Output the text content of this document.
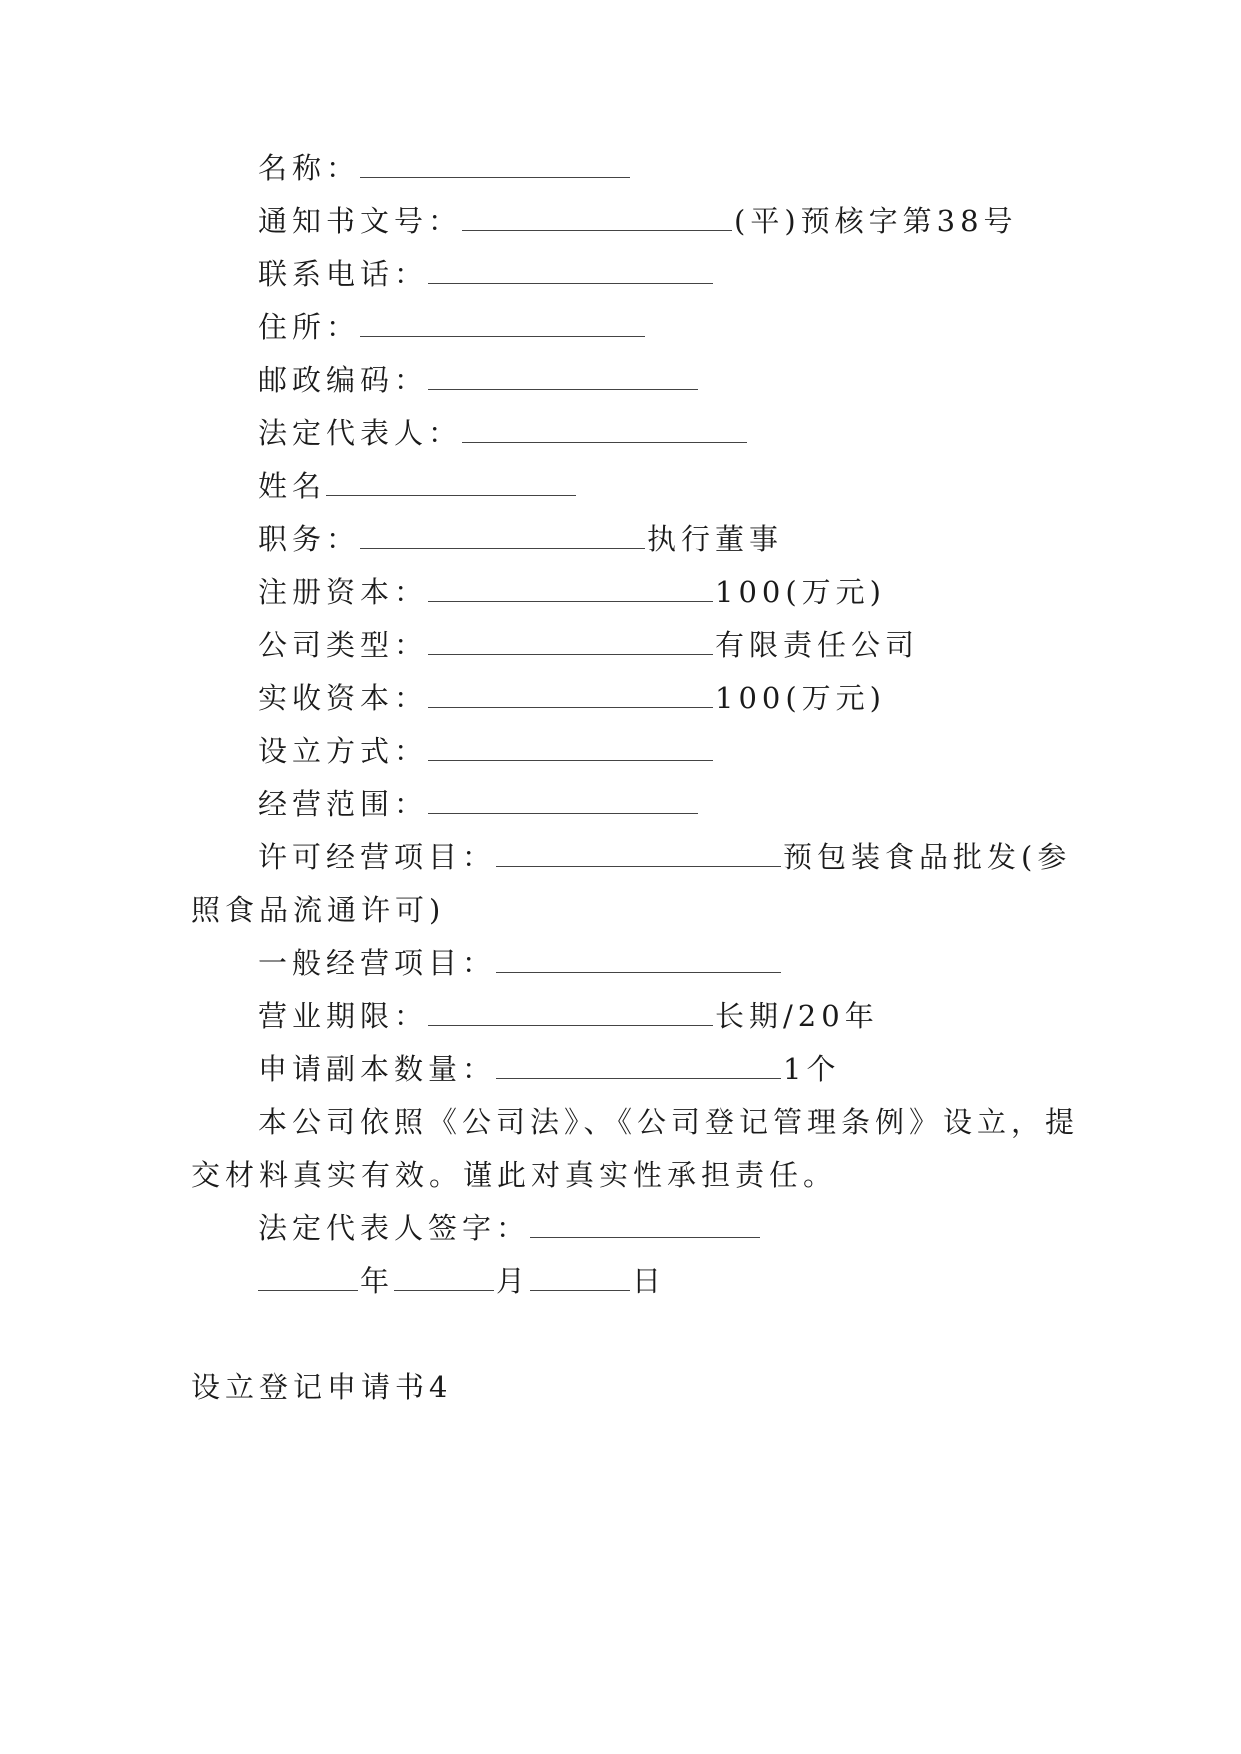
名称：
通知书文号：	(平)预核字第38号
联系电话：
住所：
邮政编码：
法定代表人：
姓名
职务：	执行董事
注册资本：	100(万元)
公司类型：	有限责任公司
实收资本：	100(万元)
设立方式：
经营范围：
许可经营项目：	预包装食品批发(参
照食品流通许可)
一般经营项目：
营业期限：	长期/20年
申请副本数量：	1个
本公司依照《公司法》、《公司登记管理条例》设立，提
交材料真实有效。谨此对真实性承担责任。
法定代表人签字：
年	月	日
设立登记申请书4
